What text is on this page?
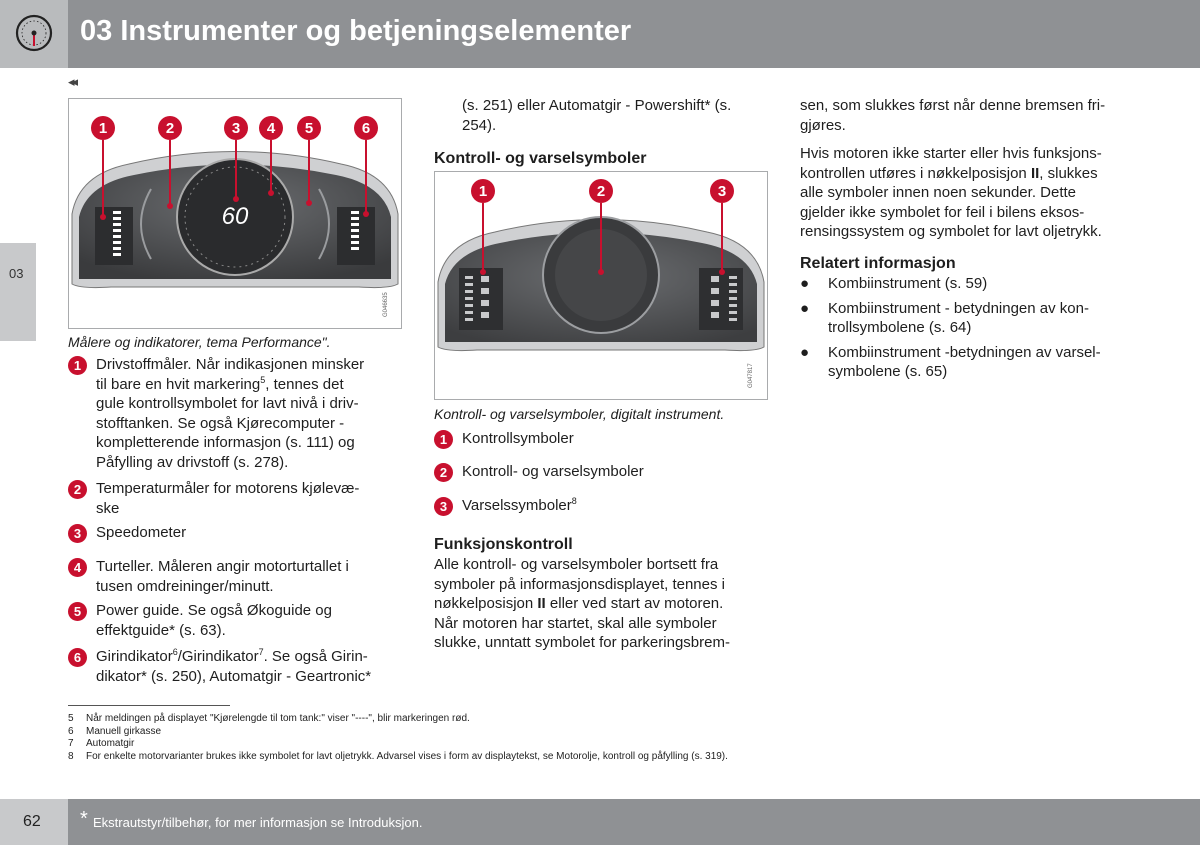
03 Instrumenter og betjeningselementer
◂◂
03
60
1	2	3 4 5	6
G046635
Målere og indikatorer, tema Performance".
1 Drivstoffmåler. Når indikasjonen minsker
til bare en hvit markering$^5$, tennes det
gule kontrollsymbolet for lavt nivå i driv-
stofftanken. Se også Kjørecomputer -
kompletterende informasjon (s. 111) og
Påfylling av drivstoff (s. 278).
2 Temperaturmåler for motorens kjølevæ-
ske
3 Speedometer
4 Turteller. Måleren angir motorturtallet i
tusen omdreininger/minutt.
5 Power guide. Se også Økoguide og
effektguide* (s. 63).
6 Girindikator$^6$/Girindikator$^7$. Se også Girin-
dikator* (s. 250), Automatgir - Geartronic*
(s. 251) eller Automatgir - Powershift* (s.
254).
Kontroll- og varselsymboler
1	2	3
G047817
Kontroll- og varselsymboler, digitalt instrument.
1 Kontrollsymboler
2 Kontroll- og varselsymboler
3 Varselssymboler$^8$
Funksjonskontroll
Alle kontroll- og varselsymboler bortsett fra
symboler på informasjonsdisplayet, tennes i
nøkkelposisjon II eller ved start av motoren.
Når motoren har startet, skal alle symboler
slukke, unntatt symbolet for parkeringsbrem-
sen, som slukkes først når denne bremsen fri-
gjøres.
Hvis motoren ikke starter eller hvis funksjons-
kontrollen utføres i nøkkelposisjon II, slukkes
alle symboler innen noen sekunder. Dette
gjelder ikke symbolet for feil i bilens eksos-
rensingssystem og symbolet for lavt oljetrykk.
Relatert informasjon
● Kombiinstrument (s. 59)
● Kombiinstrument - betydningen av kon-
trollsymbolene (s. 64)
● Kombiinstrument -betydningen av varsel-
symbolene (s. 65)
5 Når meldingen på displayet "Kjørelengde til tom tank:" viser "----", blir markeringen rød.
6 Manuell girkasse
7 Automatgir
8 For enkelte motorvarianter brukes ikke symbolet for lavt oljetrykk. Advarsel vises i form av displaytekst, se Motorolje, kontroll og påfylling (s. 319).
62 * Ekstrautstyr/tilbehør, for mer informasjon se Introduksjon.
